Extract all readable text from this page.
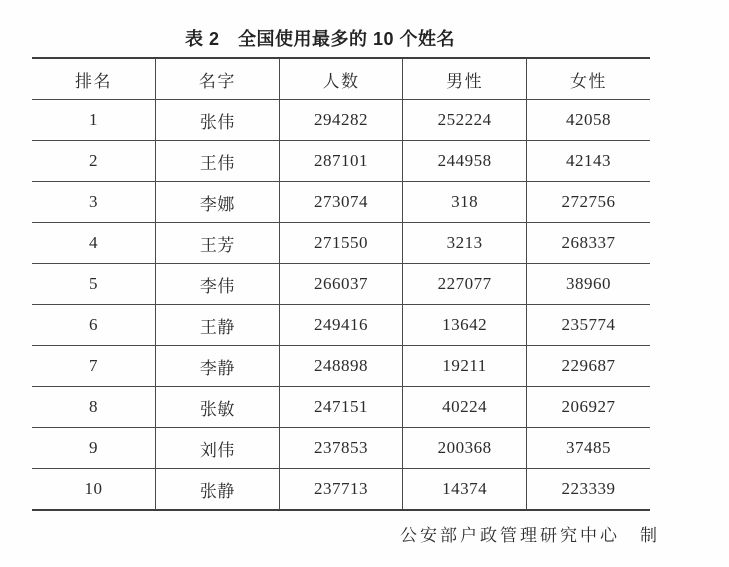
表 2　全国使用最多的 10 个姓名
排名	名字	人数	男性	女性
1	张伟	294282	252224	42058
2	王伟	287101	244958	42143
3	李娜	273074	318	272756
4	王芳	271550	3213	268337
5	李伟	266037	227077	38960
6	王静	249416	13642	235774
7	李静	248898	19211	229687
8	张敏	247151	40224	206927
9	刘伟	237853	200368	37485
10	张静	237713	14374	223339
公安部户政管理研究中心　制
